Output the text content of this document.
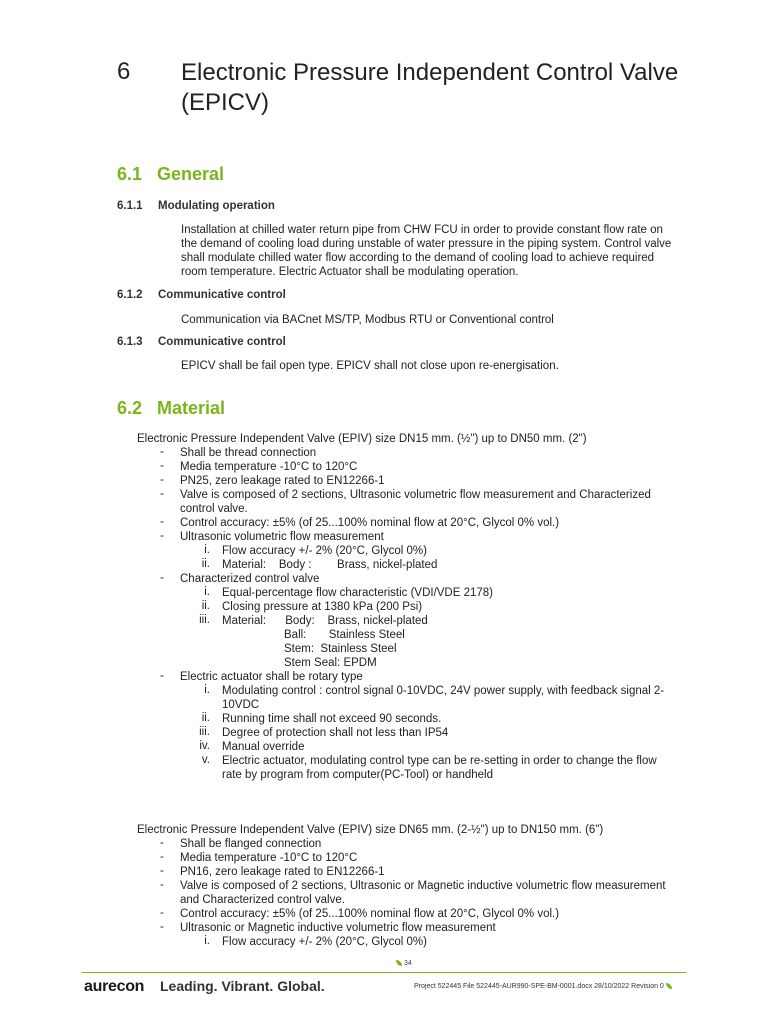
6 Electronic Pressure Independent Control Valve (EPICV)
6.1 General
6.1.1 Modulating operation
Installation at chilled water return pipe from CHW FCU in order to provide constant flow rate on
the demand of cooling load during unstable of water pressure in the piping system. Control valve
shall modulate chilled water flow according to the demand of cooling load to achieve required
room temperature. Electric Actuator shall be modulating operation.
6.1.2 Communicative control
Communication via BACnet MS/TP, Modbus RTU or Conventional control
6.1.3 Communicative control
EPICV shall be fail open type. EPICV shall not close upon re-energisation.
6.2 Material
Electronic Pressure Independent Valve (EPIV) size DN15 mm. (½") up to DN50 mm. (2")
- Shall be thread connection
- Media temperature -10°C to 120°C
- PN25, zero leakage rated to EN12266-1
- Valve is composed of 2 sections, Ultrasonic volumetric flow measurement and Characterized
control valve.
- Control accuracy: ±5% (of 25...100% nominal flow at 20°C, Glycol 0% vol.)
- Ultrasonic volumetric flow measurement
i. Flow accuracy +/- 2% (20°C, Glycol 0%)
ii. Material:    Body :        Brass, nickel-plated
- Characterized control valve
i. Equal-percentage flow characteristic (VDI/VDE 2178)
ii. Closing pressure at 1380 kPa (200 Psi)
iii. Material:      Body:    Brass, nickel-plated
Ball:       Stainless Steel
Stem:  Stainless Steel
Stem Seal: EPDM
- Electric actuator shall be rotary type
i. Modulating control : control signal 0-10VDC, 24V power supply, with feedback signal 2-
10VDC
ii. Running time shall not exceed 90 seconds.
iii. Degree of protection shall not less than IP54
iv. Manual override
v. Electric actuator, modulating control type can be re-setting in order to change the flow
rate by program from computer(PC-Tool) or handheld
Electronic Pressure Independent Valve (EPIV) size DN65 mm. (2-½") up to DN150 mm. (6")
- Shall be flanged connection
- Media temperature -10°C to 120°C
- PN16, zero leakage rated to EN12266-1
- Valve is composed of 2 sections, Ultrasonic or Magnetic inductive volumetric flow measurement
and Characterized control valve.
- Control accuracy: ±5% (of 25...100% nominal flow at 20°C, Glycol 0% vol.)
- Ultrasonic or Magnetic inductive volumetric flow measurement
i. Flow accuracy +/- 2% (20°C, Glycol 0%)
34
aurecon Leading. Vibrant. Global.	Project 522445 File 522445-AUR990-SPE-BM-0001.docx 28/10/2022 Revision 0
